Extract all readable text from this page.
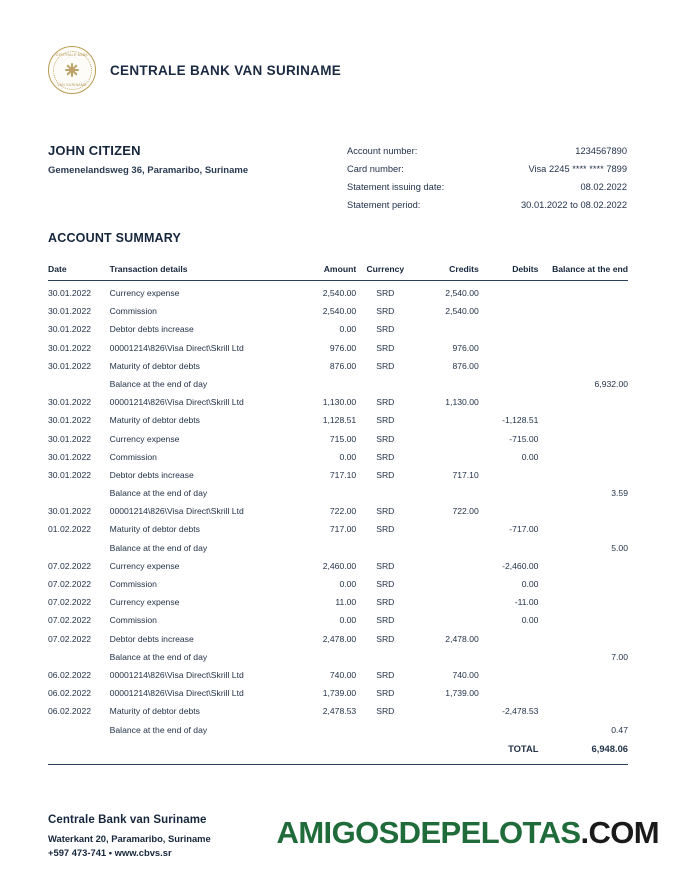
CENTRALE BANK
VAN SURINAME
CENTRALE BANK VAN SURINAME
JOHN CITIZEN
Gemenelandsweg 36, Paramaribo, Suriname
Account number:	1234567890
Card number:	Visa 2245 **** **** 7899
Statement issuing date:	08.02.2022
Statement period:	30.01.2022 to 08.02.2022
ACCOUNT SUMMARY
Date	Transaction details	Amount	Currency	Credits	Debits	Balance at the end
30.01.2022	Currency expense	2,540.00	SRD	2,540.00		
30.01.2022	Commission	2,540.00	SRD	2,540.00		
30.01.2022	Debtor debts increase	0.00	SRD			
30.01.2022	00001214\826\Visa Direct\Skrill Ltd	976.00	SRD	976.00		
30.01.2022	Maturity of debtor debts	876.00	SRD	876.00		
	Balance at the end of day					6,932.00
30.01.2022	00001214\826\Visa Direct\Skrill Ltd	1,130.00	SRD	1,130.00		
30.01.2022	Maturity of debtor debts	1,128.51	SRD		-1,128.51	
30.01.2022	Currency expense	715.00	SRD		-715.00	
30.01.2022	Commission	0.00	SRD		0.00	
30.01.2022	Debtor debts increase	717.10	SRD	717.10		
	Balance at the end of day					3.59
30.01.2022	00001214\826\Visa Direct\Skrill Ltd	722.00	SRD	722.00		
01.02.2022	Maturity of debtor debts	717.00	SRD		-717.00	
	Balance at the end of day					5.00
07.02.2022	Currency expense	2,460.00	SRD		-2,460.00	
07.02.2022	Commission	0.00	SRD		0.00	
07.02.2022	Currency expense	11.00	SRD		-11.00	
07.02.2022	Commission	0.00	SRD		0.00	
07.02.2022	Debtor debts increase	2,478.00	SRD	2,478.00		
	Balance at the end of day					7.00
06.02.2022	00001214\826\Visa Direct\Skrill Ltd	740.00	SRD	740.00		
06.02.2022	00001214\826\Visa Direct\Skrill Ltd	1,739.00	SRD	1,739.00		
06.02.2022	Maturity of debtor debts	2,478.53	SRD		-2,478.53	
	Balance at the end of day					0.47
					TOTAL	6,948.06
Centrale Bank van Suriname
Waterkant 20, Paramaribo, Suriname
+597 473-741 • www.cbvs.sr
AMIGOSDEPELOTAS.COM
